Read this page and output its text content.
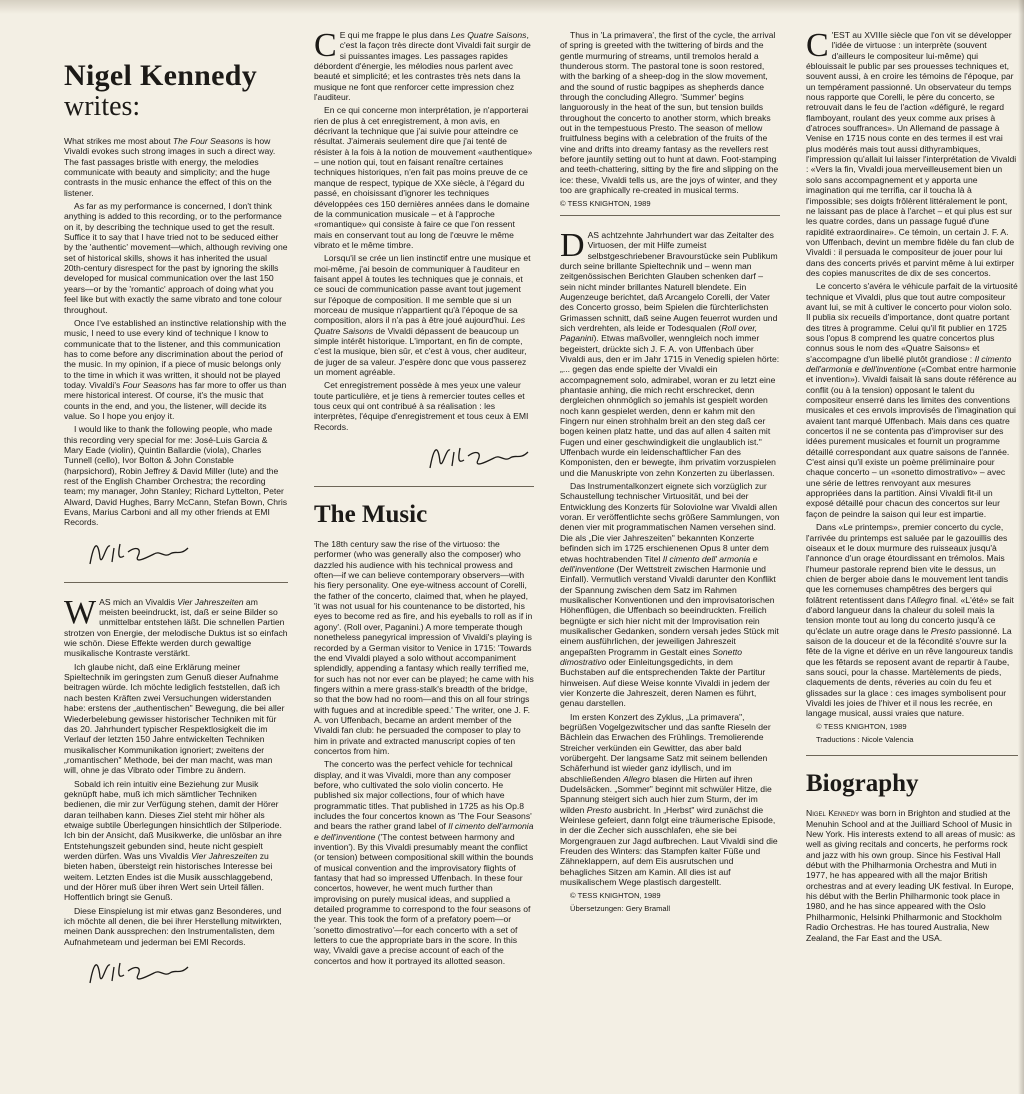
Nigel Kennedy
writes:

What strikes me most about The Four Seasons is how Vivaldi evokes such strong images in such a direct way. The fast passages bristle with energy, the melodies communicate with beauty and simplicity; and the huge contrasts in the music enhance the effect of this on the listener.

As far as my performance is concerned, I don't think anything is added to this recording, or to the performance on it, by describing the technique used to get the result. Suffice it to say that I have tried not to be seduced either by the 'authentic' movement—which, although reviving one set of historical skills, shows it has inherited the usual 20th-century disrespect for the past by ignoring the skills developed for musical communication over the last 150 years—or by the 'romantic' approach of doing what you feel like but with exactly the same vibrato and tone colour throughout.

Once I've established an instinctive relationship with the music, I need to use every kind of technique I know to communicate that to the listener, and this communication has to come before any discrimination about the period of the music. In my opinion, if a piece of music belongs only to the time in which it was written, it should not be played today. Vivaldi's Four Seasons has far more to offer us than mere historical interest. Of course, it's the music that counts in the end, and you, the listener, will decide its value. So I hope you enjoy it.

I would like to thank the following people, who made this recording very special for me: José-Luis Garcia & Mary Eade (violin), Quintin Ballardie (viola), Charles Tunnell (cello), Ivor Bolton & John Constable (harpsichord), Robin Jeffrey & David Miller (lute) and the rest of the English Chamber Orchestra; the recording team; my manager, John Stanley; Richard Lyttelton, Peter Alward, David Hughes, Barry McCann, Stefan Bown, Chris Evans, Marius Carboni and all my other friends at EMI Records.

WAS mich an Vivaldis Vier Jahreszeiten am meisten beeindruckt, ist, daß er seine Bilder so unmittelbar entstehen läßt. Die schnellen Partien strotzen von Energie, der melodische Duktus ist so einfach wie schön. Diese Effekte werden durch gewaltige musikalische Kontraste verstärkt.

Ich glaube nicht, daß eine Erklärung meiner Spieltechnik im geringsten zum Genuß dieser Aufnahme beitragen würde. Ich möchte lediglich feststellen, daß ich nach besten Kräften zwei Versuchungen widerstanden habe: erstens der „authentischen" Bewegung, die bei aller Wiederbelebung gewisser historischer Techniken mit für das 20. Jahrhundert typischer Respektlosigkeit die im Verlauf der letzten 150 Jahre entwickelten Techniken musikalischer Kommunikation ignoriert; zweitens der „romantischen" Methode, bei der man macht, was man will, ohne je das Vibrato oder Timbre zu ändern.

Sobald ich rein intuitiv eine Beziehung zur Musik geknüpft habe, muß ich mich sämtlicher Techniken bedienen, die mir zur Verfügung stehen, damit der Hörer daran teilhaben kann. Dieses Ziel steht mir höher als etwaige subtile Überlegungen hinsichtlich der Stilperiode. Ich bin der Ansicht, daß Musikwerke, die unlösbar an ihre Entstehungszeit gebunden sind, heute nicht gespielt werden dürfen. Was uns Vivaldis Vier Jahreszeiten zu bieten haben, übersteigt rein historisches Interesse bei weitem. Letzten Endes ist die Musik ausschlaggebend, und der Hörer muß über ihren Wert sein Urteil fällen. Hoffentlich bringt sie Genuß.

Diese Einspielung ist mir etwas ganz Besonderes, und ich möchte all denen, die bei ihrer Herstellung mitwirkten, meinen Dank aussprechen: den Instrumentalisten, dem Aufnahmeteam und jederman bei EMI Records.

C E qui me frappe le plus dans Les Quatre Saisons, c'est la façon très directe dont Vivaldi fait surgir de si puissantes images. Les passages rapides débordent d'énergie, les mélodies nous parlent avec beauté et simplicité; et les contrastes très nets dans la musique ne font que renforcer cette impression chez l'auditeur.

En ce qui concerne mon interprétation, je n'apporterai rien de plus à cet enregistrement, à mon avis, en décrivant la technique que j'ai suivie pour atteindre ce résultat. J'aimerais seulement dire que j'ai tenté de résister à la fois à la notion de mouvement «authentique» – une notion qui, tout en faisant renaître certaines techniques historiques, n'en fait pas moins preuve de ce manque de respect, typique de XXe siècle, à l'égard du passé, en choisissant d'ignorer les techniques développées ces 150 dernières années dans le domaine de la communication musicale – et à l'approche «romantique» qui consiste à faire ce que l'on ressent mais en conservant tout au long de l'œuvre le même vibrato et le même timbre.

Lorsqu'il se crée un lien instinctif entre une musique et moi-même, j'ai besoin de communiquer à l'auditeur en faisant appel à toutes les techniques que je connais, et ce souci de communication passe avant tout jugement sur l'époque de composition. Il me semble que si un morceau de musique n'appartient qu'à l'époque de sa composition, alors il n'a pas à être joué aujourd'hui. Les Quatre Saisons de Vivaldi dépassent de beaucoup un simple intérêt historique. L'important, en fin de compte, c'est la musique, bien sûr, et c'est à vous, cher auditeur, de juger de sa valeur. J'espère donc que vous passerez un moment agréable.

Cet enregistrement possède à mes yeux une valeur toute particulière, et je tiens à remercier toutes celles et tous ceux qui ont contribué à sa réalisation : les interprètes, l'équipe d'enregistrement et tous ceux à EMI Records.

The Music

The 18th century saw the rise of the virtuoso: the performer (who was generally also the composer) who dazzled his audience with his technical prowess and often—if we can believe contemporary observers—with his fiery personality. One eye-witness account of Corelli, the father of the concerto, claimed that, when he played, 'it was not usual for his countenance to be distorted, his eyes to become red as fire, and his eyeballs to roll as if in agony'. (Roll over, Paganini.) A more temperate though nonetheless panegyrical impression of Vivaldi's playing is recorded by a German visitor to Venice in 1715: 'Towards the end Vivaldi played a solo without accompaniment splendidly, appending a fantasy which really terrified me, for such has not nor ever can be played; he came with his fingers within a mere grass-stalk's breadth of the bridge, so that the bow had no room—and this on all four strings with fugues and at incredible speed.' The writer, one J. F. A. von Uffenbach, became an ardent member of the Vivaldi fan club: he persuaded the composer to play to him in private and extracted manuscript copies of ten concertos from him.

The concerto was the perfect vehicle for technical display, and it was Vivaldi, more than any composer before, who cultivated the solo violin concerto. He published six major collections, four of which have programmatic titles. That published in 1725 as his Op.8 includes the four concertos known as 'The Four Seasons' and bears the rather grand label of Il cimento dell'armonia e dell'inventione ('The contest between harmony and invention'). By this Vivaldi presumably meant the conflict (or tension) between compositional skill within the bounds of musical convention and the improvisatory flights of fantasy that had so impressed Uffenbach. In these four concertos, however, he went much further than improvising on purely musical ideas, and supplied a detailed programme to correspond to the four seasons of the year. This took the form of a prefatory poem—or 'sonetto dimostrativo'—for each concerto with a set of letters to cue the appropriate bars in the score. In this way, Vivaldi gave a precise account of each of the concertos and how it portrayed its allotted season.

Thus in 'La primavera', the first of the cycle, the arrival of spring is greeted with the twittering of birds and the gentle murmuring of streams, until tremolos herald a thunderous storm. The pastoral tone is soon restored, with the barking of a sheep-dog in the slow movement, and the sound of rustic bagpipes as shepherds dance through the concluding Allegro. 'Summer' begins languorously in the heat of the sun, but tension builds throughout the concerto to another storm, which breaks out in the tempestuous Presto. The season of mellow fruitfulness begins with a celebration of the fruits of the vine and drifts into dreamy fantasy as the revellers rest before jauntily setting out to hunt at dawn. Foot-stamping and teeth-chattering, sitting by the fire and slipping on the ice: these, Vivaldi tells us, are the joys of winter, and they too are graphically re-created in musical terms.

© TESS KNIGHTON, 1989

DAS achtzehnte Jahrhundert war das Zeitalter des Virtuosen, der mit Hilfe zumeist selbstgeschriebener Bravourstücke sein Publikum durch seine brillante Spieltechnik und – wenn man zeitgenössischen Berichten Glauben schenken darf – sein nicht minder brillantes Naturell blendete. Ein Augenzeuge berichtet, daß Arcangelo Corelli, der Vater des Concerto grosso, beim Spielen die fürchterlichsten Grimassen schnitt, daß seine Augen feuerrot wurden und sich verdrehten, als leide er Todesqualen (Roll over, Paganini). Etwas maßvoller, wenngleich noch immer begeistert, drückte sich J. F. A. von Uffenbach über Vivaldi aus, den er im Jahr 1715 in Venedig spielen hörte: „... gegen das ende spielte der Vivaldi ein accompagnement solo, admirabel, woran er zu letzt eine phantasie anhing, die mich recht erschrecket, denn dergleichen ohnmöglich so jemahls ist gespielt worden noch kann gespielet werden, denn er kahm mit den Fingern nur einen strohhalm breit an den steg daß cer bogen keinen platz hatte, und das auf allen 4 saiten mit Fugen und einer geschwindigkeit die unglaublich ist." Uffenbach wurde ein leidenschaftlicher Fan des Komponisten, den er bewegte, ihm privatim vorzuspielen und die Manuskripte von zehn Konzerten zu überlassen.

Das Instrumentalkonzert eignete sich vorzüglich zur Schaustellung technischer Virtuosität, und bei der Entwicklung des Konzerts für Soloviolne war Vivaldi allen voran. Er veröffentlichte sechs größere Sammlungen, von denen vier mit programmatischen Namen versehen sind. Die als „Die vier Jahreszeiten" bekannten Konzerte befinden sich im 1725 erschienenen Opus 8 unter dem etwas hochtrabenden Titel Il cimento dell' armonia e dell'inventione (Der Wettstreit zwischen Harmonie und Einfall). Vermutlich verstand Vivaldi darunter den Konflikt der Spannung zwischen dem Satz im Rahmen musikalischer Konventionen und den improvisatorischen Höhenflügen, die Uffenbach so beeindruckten. Freilich begnügte er sich hier nicht mit der Improvisation rein musikalischer Gedanken, sondern versah jedes Stück mit einem ausführlichen, der jeweiligen Jahreszeit angepaßten Programm in Gestalt eines Sonetto dimostrativo oder Einleitungsgedichts, in dem Buchstaben auf die entsprechenden Takte der Partitur hinweisen. Auf diese Weise konnte Vivaldi in jedem der vier Konzerte die Jahreszeit, deren Namen es führt, genau darstellen.

Im ersten Konzert des Zyklus, „La primavera", begrüßen Vogelgezwitscher und das sanfte Rieseln der Bächlein das Erwachen des Frühlings. Tremolierende Streicher verkünden ein Gewitter, das aber bald vorübergeht. Der langsame Satz mit seinem bellenden Schäferhund ist wieder ganz idyllisch, und im abschließenden Allegro blasen die Hirten auf ihren Dudelsäcken. „Sommer" beginnt mit schwüler Hitze, die Spannung steigert sich auch hier zum Sturm, der im wilden Presto ausbricht. In „Herbst" wird zunächst die Weinlese gefeiert, dann folgt eine träumerische Episode, in der die Zecher sich ausschlafen, ehe sie bei Morgengrauen zur Jagd aufbrechen. Laut Vivaldi sind die Freuden des Winters: das Stampfen kalter Füße und Zähneklappern, auf dem Eis ausrutschen und behagliches Sitzen am Kamin. All dies ist auf musikalischem Wege plastisch dargestellt.

© TESS KNIGHTON, 1989

Übersetzungen: Gery Bramall

C 'EST au XVIIIe siècle que l'on vit se développer l'idée de virtuose : un interprète (souvent d'ailleurs le compositeur lui-même) qui éblouissait le public par ses prouesses techniques et, souvent aussi, à en croire les témoins de l'époque, par un tempérament passionné. Un observateur du temps nous rapporte que Corelli, le père du concerto, se retrouvait dans le feu de l'action «défiguré, le regard flamboyant, roulant des yeux comme aux prises à d'atroces souffrances». Un Allemand de passage à Venise en 1715 nous conte en des termes il est vrai plus modérés mais tout aussi dithyrambiques, l'impression qu'allait lui laisser l'interprétation de Vivaldi : «Vers la fin, Vivaldi joua merveilleusement bien un solo sans accompagnement et y apporta une imagination qui me terrifia, car il toucha là à l'impossible; ses doigts frôlèrent littéralement le pont, ne laissant pas de place à l'archet – et qui plus est sur les quatre cordes, dans un passage fugué d'une rapidité extraordinaire». Ce témoin, un certain J. F. A. von Uffenbach, devint un membre fidèle du fan club de Vivaldi : il persuada le compositeur de jouer pour lui dans des concerts privés et parvint même à lui extirper des copies manuscrites de dix de ses concertos.

Le concerto s'avéra le véhicule parfait de la virtuosité technique et Vivaldi, plus que tout autre compositeur avant lui, se mit à cultiver le concerto pour violon solo. Il publia six recueils d'importance, dont quatre portant des titres à programme. Celui qu'il fit publier en 1725 sous l'opus 8 comprend les quatre concertos plus connus sous le nom des «Quatre Saisons» et s'accompagne d'un libellé plutôt grandiose : Il cimento dell'armonia e dell'inventione («Combat entre harmonie et invention»). Vivaldi faisait là sans doute référence au conflit (ou à la tension) opposant le talent du compositeur enserré dans les limites des conventions musicales et ces envols improvisés de l'imagination qui avaient tant marqué Uffenbach. Mais dans ces quatre concertos il ne se contenta pas d'improviser sur des idées purement musicales et fournit un programme détaillé correspondant aux quatre saisons de l'année. C'est ainsi qu'il existe un poème préliminaire pour chaque concerto – un «sonetto dimostrativo» – avec une série de lettres renvoyant aux mesures appropriées dans la partition. Ainsi Vivaldi fit-il un exposé détaillé pour chacun des concertos sur leur façon de peindre la saison qui leur est impartie.

Dans «Le printemps», premier concerto du cycle, l'arrivée du printemps est saluée par le gazouillis des oiseaux et le doux murmure des ruisseaux jusqu'à l'annonce d'un orage étourdissant en trémolos. Mais l'humeur pastorale reprend bien vite le dessus, un chien de berger aboie dans le mouvement lent tandis que les cornemuses champêtres des bergers qui folâtrent retentissent dans l'Allegro final. «L'été» se fait d'abord langueur dans la chaleur du soleil mais la tension monte tout au long du concerto jusqu'à ce qu'éclate un autre orage dans le Presto passionné. La saison de la douceur et de la fécondité s'ouvre sur la fête de la vigne et dérive en un rêve langoureux tandis que les fêtards se reposent avant de repartir à l'aube, sans souci, pour la chasse. Martèlements de pieds, claquements de dents, réveries au coin du feu et glissades sur la glace : ces images symbolisent pour Vivaldi les joies de l'hiver et il nous les recrée, en langage musical, aussi vraies que nature.

© TESS KNIGHTON, 1989

Traductions : Nicole Valencia

Biography

Nigel Kennedy was born in Brighton and studied at the Menuhin School and at the Juilliard School of Music in New York. His interests extend to all areas of music: as well as giving recitals and concerts, he performs rock and jazz with his own group. Since his Festival Hall début with the Philharmonia Orchestra and Muti in 1977, he has appeared with all the major British orchestras and at every leading UK festival. In Europe, his début with the Berlin Philharmonic took place in 1980, and he has since appeared with the Oslo Philharmonic, Helsinki Philharmonic and Stockholm Radio Orchestras. He has toured Australia, New Zealand, the Far East and the USA.
